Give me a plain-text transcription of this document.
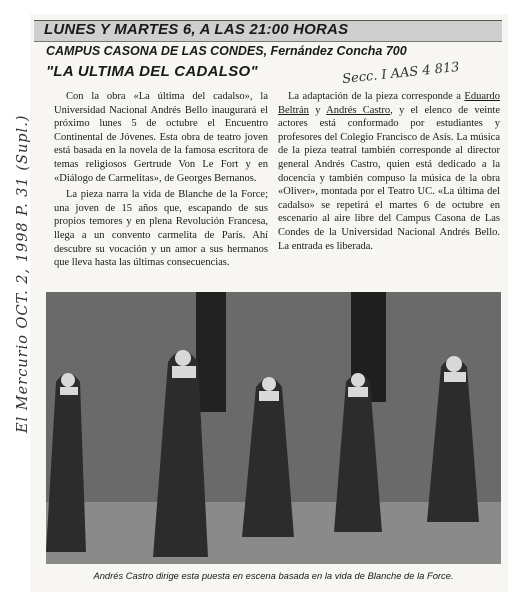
LUNES Y MARTES 6, A LAS 21:00 HORAS
CAMPUS CASONA DE LAS CONDES, Fernández Concha 700
"LA ULTIMA DEL CADALSO"

Con la obra «La última del cadalso», la Universidad Nacional Andrés Bello inaugurará el próximo lunes 5 de octubre el Encuentro Continental de Jóvenes. Esta obra de teatro joven está basada en la novela de la famosa escritora de temas religiosos Gertrude Von Le Fort y en «Diálogo de Carmelitas», de Georges Bernanos.

La pieza narra la vida de Blanche de la Force; una joven de 15 años que, escapando de sus propios temores y en plena Revolución Francesa, llega a un convento carmelita de París. Ahí descubre su vocación y un amor a sus hermanos que lleva hasta las últimas consecuencias.

La adaptación de la pieza corresponde a Eduardo Beltrán y Andrés Castro, y el elenco de veinte actores está conformado por estudiantes y profesores del Colegio Francisco de Asís. La música de la pieza teatral también corresponde al director general Andrés Castro, quien está dedicado a la docencia y también compuso la música de la obra «Oliver», montada por el Teatro UC. «La última del cadalso» se repetirá el martes 6 de octubre en escenario al aire libre del Campus Casona de Las Condes de la Universidad Nacional Andrés Bello. La entrada es liberada.

El Mercurio OCT. 2, 1998 P. 31 (Supl.)
Secc. I AAS 4 813
Andrés Castro dirige esta puesta en escena basada en la vida de Blanche de la Force.
